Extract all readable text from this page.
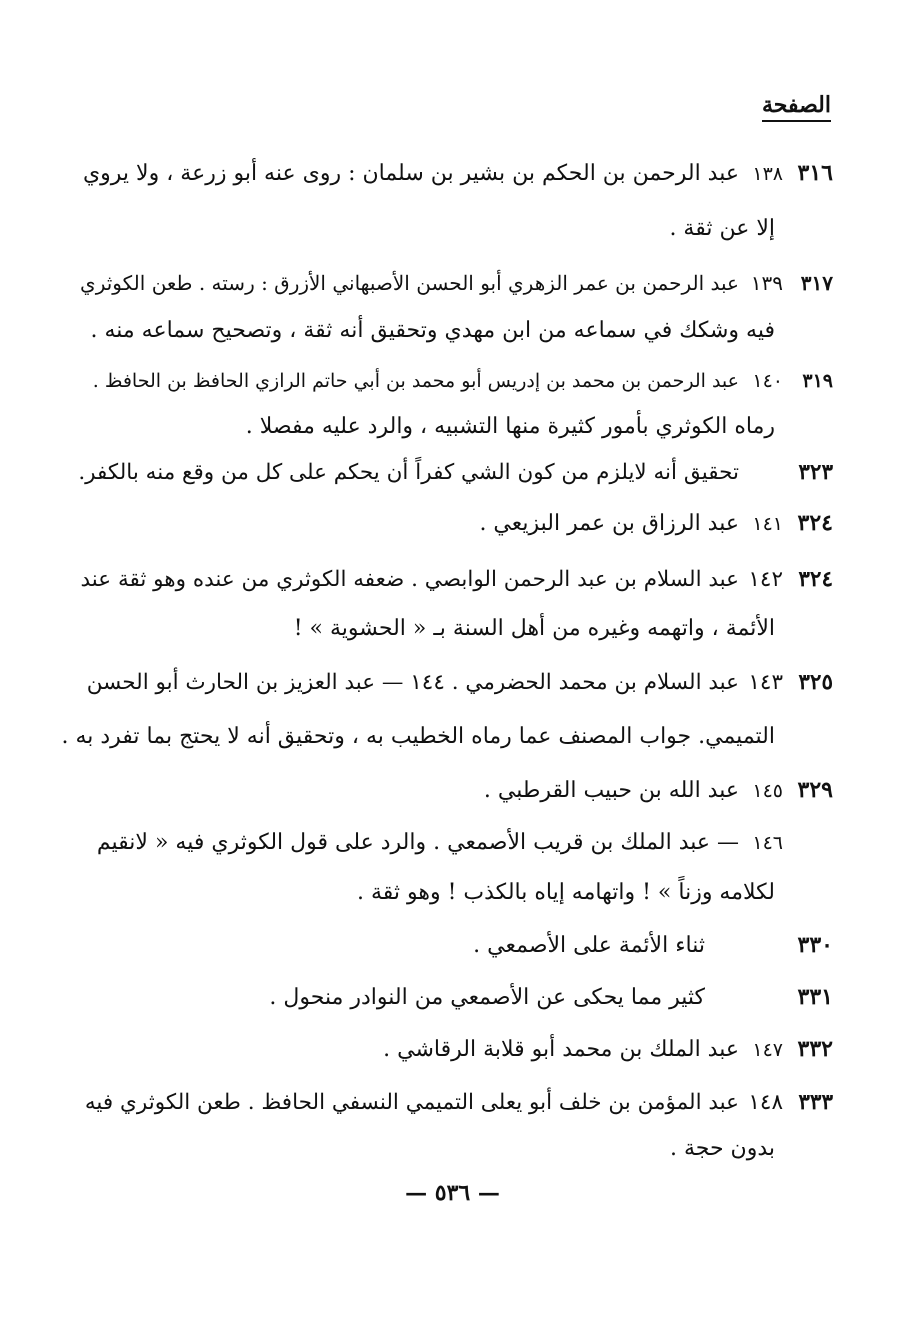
الصفحة
٣١٦
١٣٨
عبد الرحمن بن الحكم بن بشير بن سلمان : روى عنه أبو زرعة ، ولا يروي
إلا عن ثقة .
٣١٧
١٣٩
عبد الرحمن بن عمر الزهري أبو الحسن الأصبهاني الأزرق : رسته . طعن الكوثري
فيه وشكك في سماعه من ابن مهدي وتحقيق أنه ثقة ، وتصحيح سماعه منه .
٣١٩
١٤٠
عبد الرحمن بن محمد بن إدريس أبو محمد بن أبي حاتم الرازي الحافظ بن الحافظ .
رماه الكوثري بأمور كثيرة منها التشبيه ، والرد عليه مفصلا .
٣٢٣
تحقيق أنه لايلزم من كون الشي كفراً أن يحكم على كل من وقع منه بالكفر.
٣٢٤
١٤١
عبد الرزاق بن عمر البزيعي .
٣٢٤
١٤٢
عبد السلام بن عبد الرحمن الوابصي . ضعفه الكوثري من عنده وهو ثقة عند
الأئمة ، واتهمه وغيره من أهل السنة بـ « الحشوية » !
٣٢٥
١٤٣
عبد السلام بن محمد الحضرمي . ١٤٤ — عبد العزيز بن الحارث أبو الحسن
التميمي. جواب المصنف عما رماه الخطيب به ، وتحقيق أنه لا يحتج بما تفرد به .
٣٢٩
١٤٥
عبد الله بن حبيب القرطبي .
١٤٦
— عبد الملك بن قريب الأصمعي . والرد على قول الكوثري فيه « لانقيم
لكلامه وزناً » ! واتهامه إياه بالكذب ! وهو ثقة .
٣٣٠
ثناء الأئمة على الأصمعي .
٣٣١
كثير مما يحكى عن الأصمعي من النوادر منحول .
٣٣٢
١٤٧
عبد الملك بن محمد أبو قلابة الرقاشي .
٣٣٣
١٤٨
عبد المؤمن بن خلف أبو يعلى التميمي النسفي الحافظ . طعن الكوثري فيه
بدون حجة .
— ٥٣٦ —
